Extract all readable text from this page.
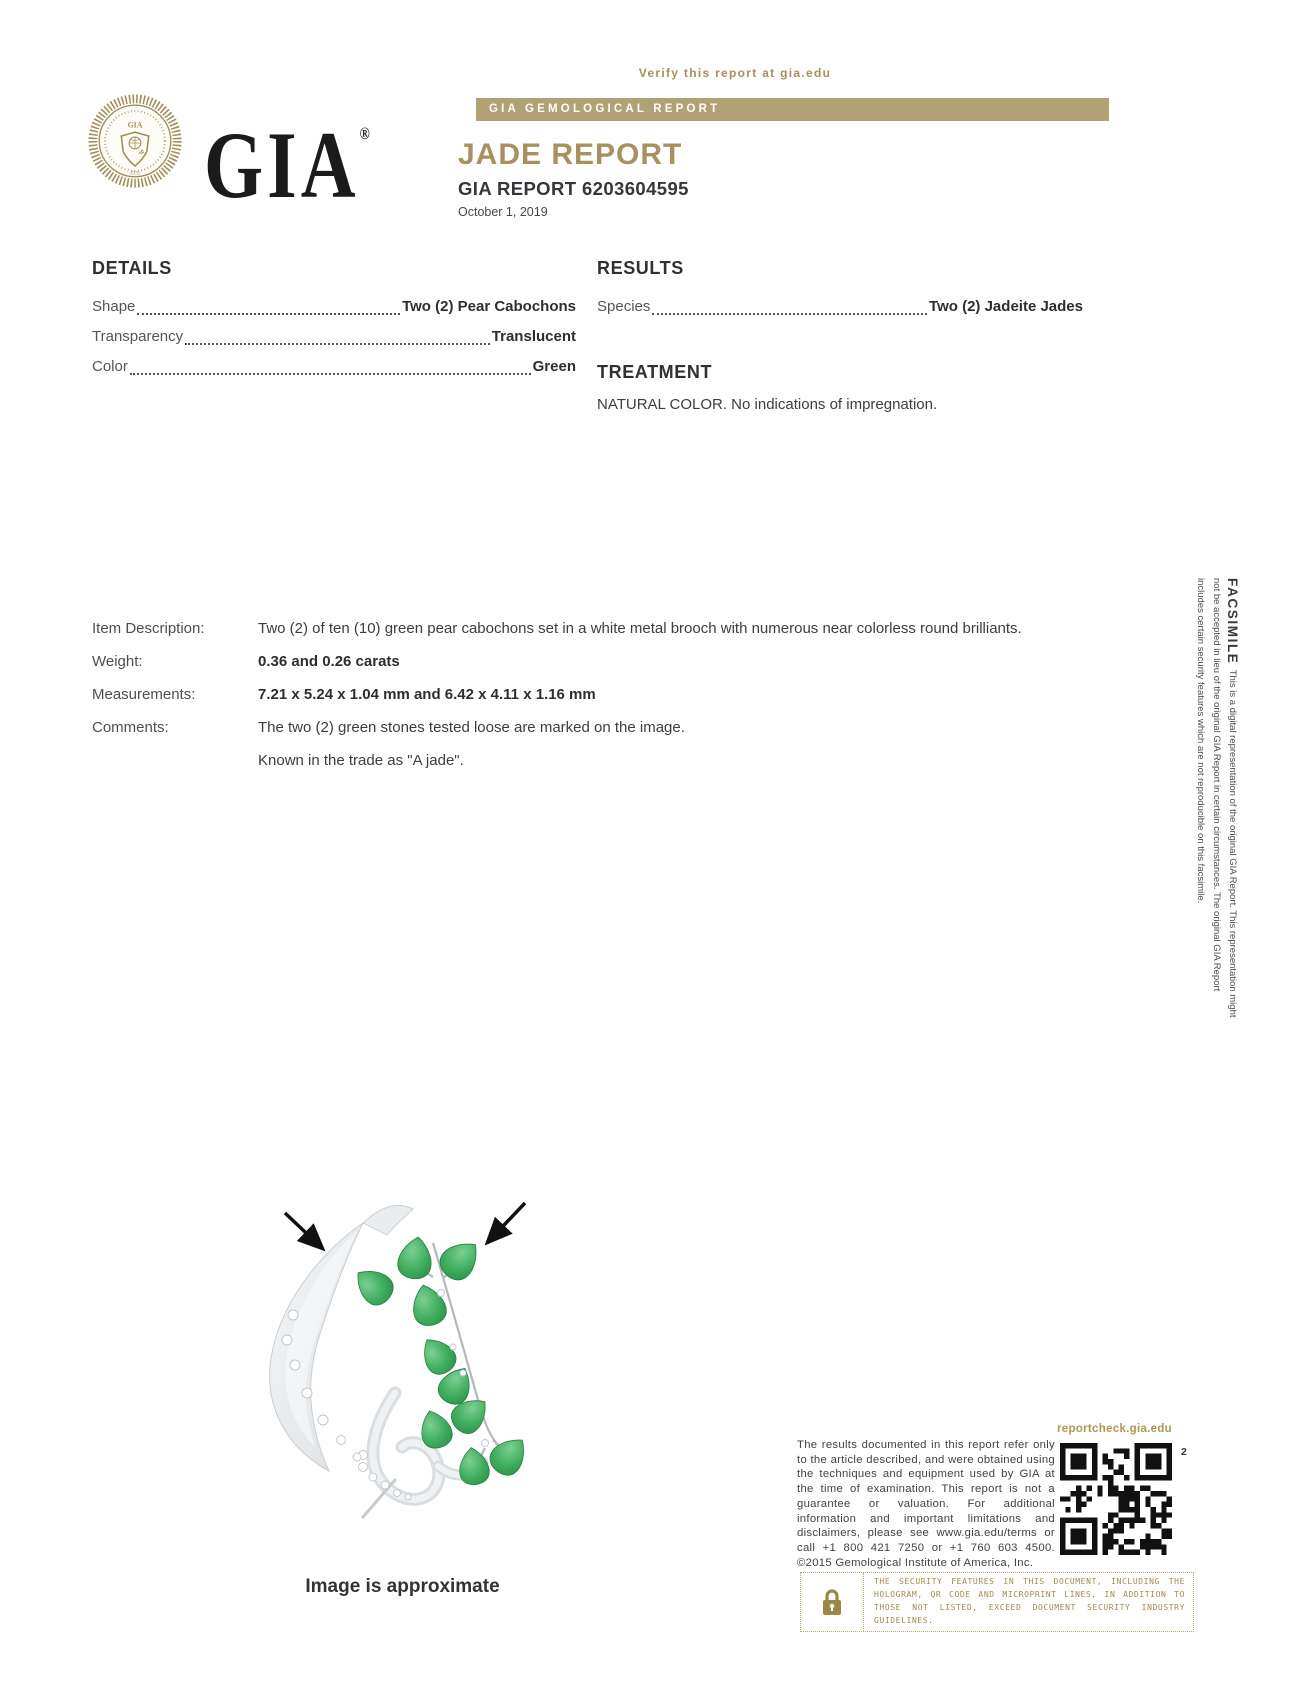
Verify this report at gia.edu
GIA GEMOLOGICAL REPORT
GIA
· 1931 · GIA®
JADE REPORT
GIA REPORT 6203604595
October 1, 2019
DETAILS
Shape	Two (2) Pear Cabochons
Transparency	Translucent
Color	Green
RESULTS
Species	Two (2) Jadeite Jades
TREATMENT
NATURAL COLOR. No indications of impregnation.
Item Description:	Two (2) of ten (10) green pear cabochons set in a white metal brooch with numerous near colorless round brilliants.
Weight:	0.36 and 0.26 carats
Measurements:	7.21 x 5.24 x 1.04 mm and 6.42 x 4.11 x 1.16 mm
Comments:	The two (2) green stones tested loose are marked on the image.
Known in the trade as "A jade".
FACSIMILE  This is a digital representation of the original GIA Report. This representation might not be accepted in lieu of the original GIA Report in certain circumstances. The original GIA Report includes certain security features which are not reproducible on this facsimile.
Image is approximate
reportcheck.gia.edu
The results documented in this report refer only to the article described, and were obtained using the techniques and equipment used by GIA at the time of examination. This report is not a guarantee or valuation. For additional information and important limitations and disclaimers, please see www.gia.edu/terms or call +1 800 421 7250 or +1 760 603 4500. ©2015 Gemological Institute of America, Inc.
2
THE SECURITY FEATURES IN THIS DOCUMENT, INCLUDING THE HOLOGRAM, QR CODE AND MICROPRINT LINES, IN ADDITION TO THOSE NOT LISTED, EXCEED DOCUMENT SECURITY INDUSTRY GUIDELINES.
